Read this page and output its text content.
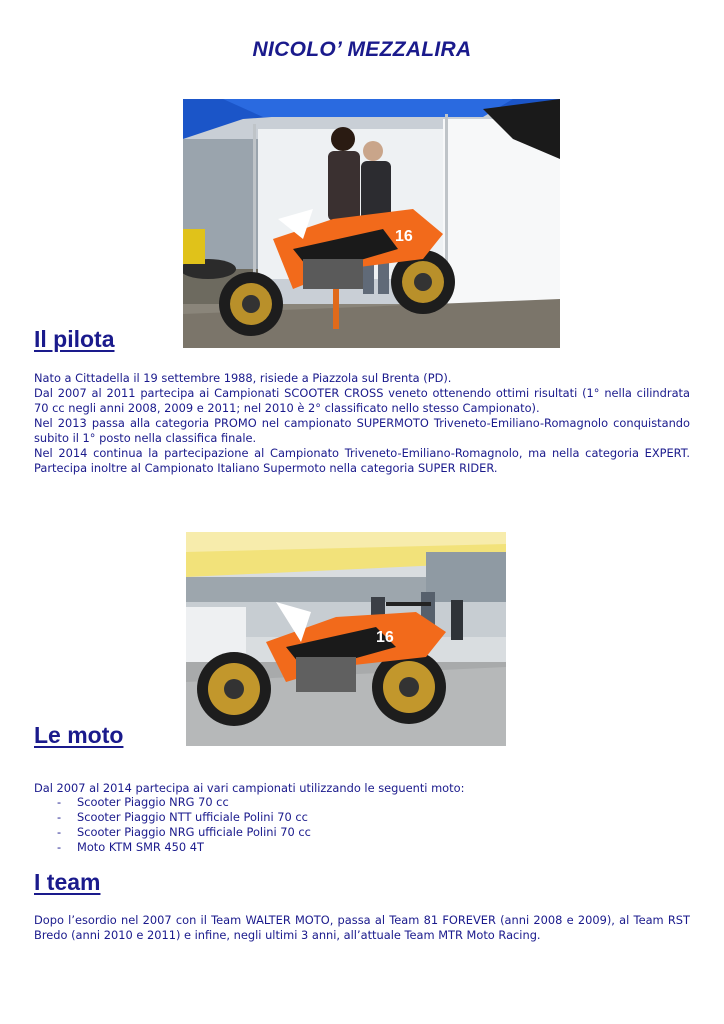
NICOLO’ MEZZALIRA
16
Il pilota

Nato a Cittadella il 19 settembre 1988, risiede a Piazzola sul Brenta (PD).

Dal 2007 al 2011 partecipa ai Campionati SCOOTER CROSS veneto ottenendo ottimi risultati (1° nella cilindrata 70 cc negli anni 2008, 2009 e 2011; nel 2010 è 2° classificato nello stesso Campionato).

Nel 2013 passa alla categoria PROMO nel campionato SUPERMOTO Triveneto-Emiliano-Romagnolo conquistando subito il 1° posto nella classifica finale.

Nel 2014 continua la partecipazione al Campionato Triveneto-Emiliano-Romagnolo, ma nella categoria EXPERT. Partecipa inoltre al Campionato Italiano Supermoto nella categoria SUPER RIDER.

16
Le moto
Dal 2007 al 2014 partecipa ai vari campionati utilizzando le seguenti moto:
- Scooter Piaggio NRG 70 cc
- Scooter Piaggio NTT ufficiale Polini 70 cc
- Scooter Piaggio NRG ufficiale Polini 70 cc
- Moto KTM SMR 450 4T
I team
Dopo l’esordio nel 2007 con il Team WALTER MOTO, passa al Team 81 FOREVER (anni 2008 e 2009), al Team RST Bredo (anni 2010 e 2011) e infine, negli ultimi 3 anni, all’attuale Team MTR Moto Racing.
